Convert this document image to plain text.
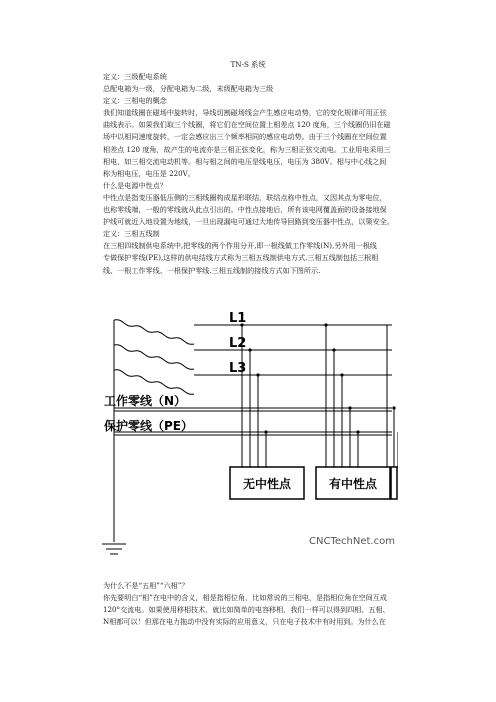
TN-S 系统

定义：三级配电系统

总配电箱为一级，分配电箱为二级，末级配电箱为三级

定义：三相电的概念

我们知道线圈在磁场中旋转时，导线切割磁场线会产生感应电动势，它的变化规律可用正弦

曲线表示。如果我们取三个线圈，将它们在空间位置上相差点 120 度角，三个线圈仍旧在磁

场中以相同速度旋转，一定会感应出三个频率相同的感应电动势。由于三个线圈在空间位置

相差点 120 度角，故产生的电流亦是三相正弦变化，称为三相正弦交流电。工业用电采用三

相电，如三相交流电动机等。相与相之间的电压是线电压，电压为 380V。相与中心线之间

称为相电压，电压是 220V。

什么是电源中性点？

中性点是指变压器低压侧的三相线圈构成星形联结，联结点称中性点，又因其点为零电位，

也称零线端，一般的零线就从此点引出的。中性点接地后，所有该电网覆盖面的设备接地保

护线可就近入地设置为地线，一旦出现漏电可通过大地传导回路到变压器中性点，以策安全。

定义：三相五线制

在三相四线制供电系统中,把零线的两个作用分开,即一根线做工作零线(N),另外用一根线

专做保护零线(PE),这样的供电结线方式称为三相五线制供电方式.三相五线制包括三根相

线、一根工作零线、一根保护零线.三相五线制的接线方式如下图所示.

L1
L2
L3
工作零线（N）
保护零线（PE）
无中性点	有中性点
CNCTechNet.com

为什么不是“五相”“六相”？

你先要明白“相”在电中的含义，相是指相位角，比如常说的三相电，是指相位角在空间互成

120°交流电。如果使用移相技术，就比如简单的电容移相，我们一样可以得到四相、五相、

N相都可以！但那在电力拖动中没有实际的应用意义，只在电子技术中有时用到。为什么在
